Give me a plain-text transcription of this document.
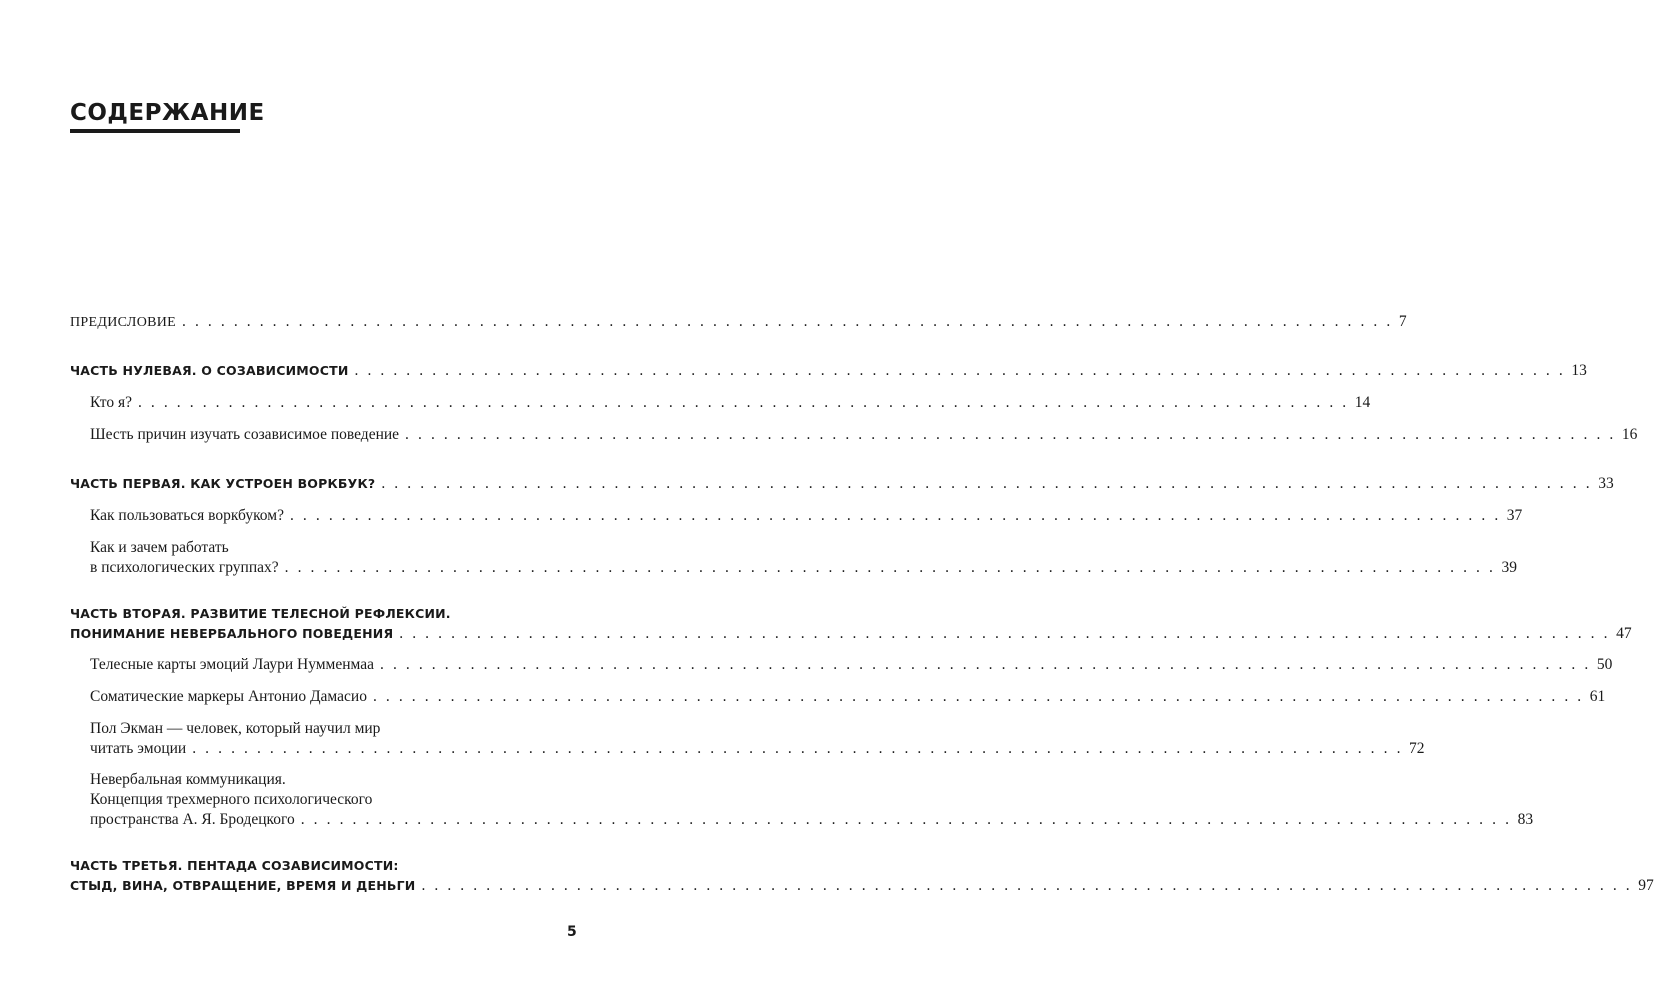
СОДЕРЖАНИЕ
ПРЕДИСЛОВИЕ . . . . . . . . . . . . . . . . . . . . . . . . . . . . . . . . . . . . . . . . . . . . . . . . . . . . . . . . . . . . . . . . . . . . . . . . . . . . . . . . . . . . . . . . . . . . . . 7
ЧАСТЬ НУЛЕВАЯ. О СОЗАВИСИМОСТИ . . . . . . . . . . . . . . . . . . . . . . . . . . . . . . . . . . . . . . . . . . . . . . . . . . . . . . . . . . . . . . . . . . . . . . . . . . . . . . . . . . . . . . . . . . . . . . 13
Кто я? . . . . . . . . . . . . . . . . . . . . . . . . . . . . . . . . . . . . . . . . . . . . . . . . . . . . . . . . . . . . . . . . . . . . . . . . . . . . . . . . . . . . . . . . . . . . . . 14
Шесть причин изучать созависимое поведение . . . . . . . . . . . . . . . . . . . . . . . . . . . . . . . . . . . . . . . . . . . . . . . . . . . . . . . . . . . . . . . . . . . . . . . . . . . . . . . . . . . . . . . . . . . . . . 16
ЧАСТЬ ПЕРВАЯ. КАК УСТРОЕН ВОРКБУК? . . . . . . . . . . . . . . . . . . . . . . . . . . . . . . . . . . . . . . . . . . . . . . . . . . . . . . . . . . . . . . . . . . . . . . . . . . . . . . . . . . . . . . . . . . . . . . 33
Как пользоваться воркбуком? . . . . . . . . . . . . . . . . . . . . . . . . . . . . . . . . . . . . . . . . . . . . . . . . . . . . . . . . . . . . . . . . . . . . . . . . . . . . . . . . . . . . . . . . . . . . . . 37
Как и зачем работать
в психологических группах? . . . . . . . . . . . . . . . . . . . . . . . . . . . . . . . . . . . . . . . . . . . . . . . . . . . . . . . . . . . . . . . . . . . . . . . . . . . . . . . . . . . . . . . . . . . . . . 39
ЧАСТЬ ВТОРАЯ. РАЗВИТИЕ ТЕЛЕСНОЙ РЕФЛЕКСИИ.
ПОНИМАНИЕ НЕВЕРБАЛЬНОГО ПОВЕДЕНИЯ . . . . . . . . . . . . . . . . . . . . . . . . . . . . . . . . . . . . . . . . . . . . . . . . . . . . . . . . . . . . . . . . . . . . . . . . . . . . . . . . . . . . . . . . . . . . . . 47
Телесные карты эмоций Лаури Нумменмаа . . . . . . . . . . . . . . . . . . . . . . . . . . . . . . . . . . . . . . . . . . . . . . . . . . . . . . . . . . . . . . . . . . . . . . . . . . . . . . . . . . . . . . . . . . . . . . 50
Соматические маркеры Антонио Дамасио . . . . . . . . . . . . . . . . . . . . . . . . . . . . . . . . . . . . . . . . . . . . . . . . . . . . . . . . . . . . . . . . . . . . . . . . . . . . . . . . . . . . . . . . . . . . . . 61
Пол Экман — человек, который научил мир
читать эмоции . . . . . . . . . . . . . . . . . . . . . . . . . . . . . . . . . . . . . . . . . . . . . . . . . . . . . . . . . . . . . . . . . . . . . . . . . . . . . . . . . . . . . . . . . . . . . . 72
Невербальная коммуникация.
Концепция трехмерного психологического
пространства А. Я. Бродецкого . . . . . . . . . . . . . . . . . . . . . . . . . . . . . . . . . . . . . . . . . . . . . . . . . . . . . . . . . . . . . . . . . . . . . . . . . . . . . . . . . . . . . . . . . . . . . . 83
ЧАСТЬ ТРЕТЬЯ. ПЕНТАДА СОЗАВИСИМОСТИ:
СТЫД, ВИНА, ОТВРАЩЕНИЕ, ВРЕМЯ И ДЕНЬГИ . . . . . . . . . . . . . . . . . . . . . . . . . . . . . . . . . . . . . . . . . . . . . . . . . . . . . . . . . . . . . . . . . . . . . . . . . . . . . . . . . . . . . . . . . . . . . . 97
5
